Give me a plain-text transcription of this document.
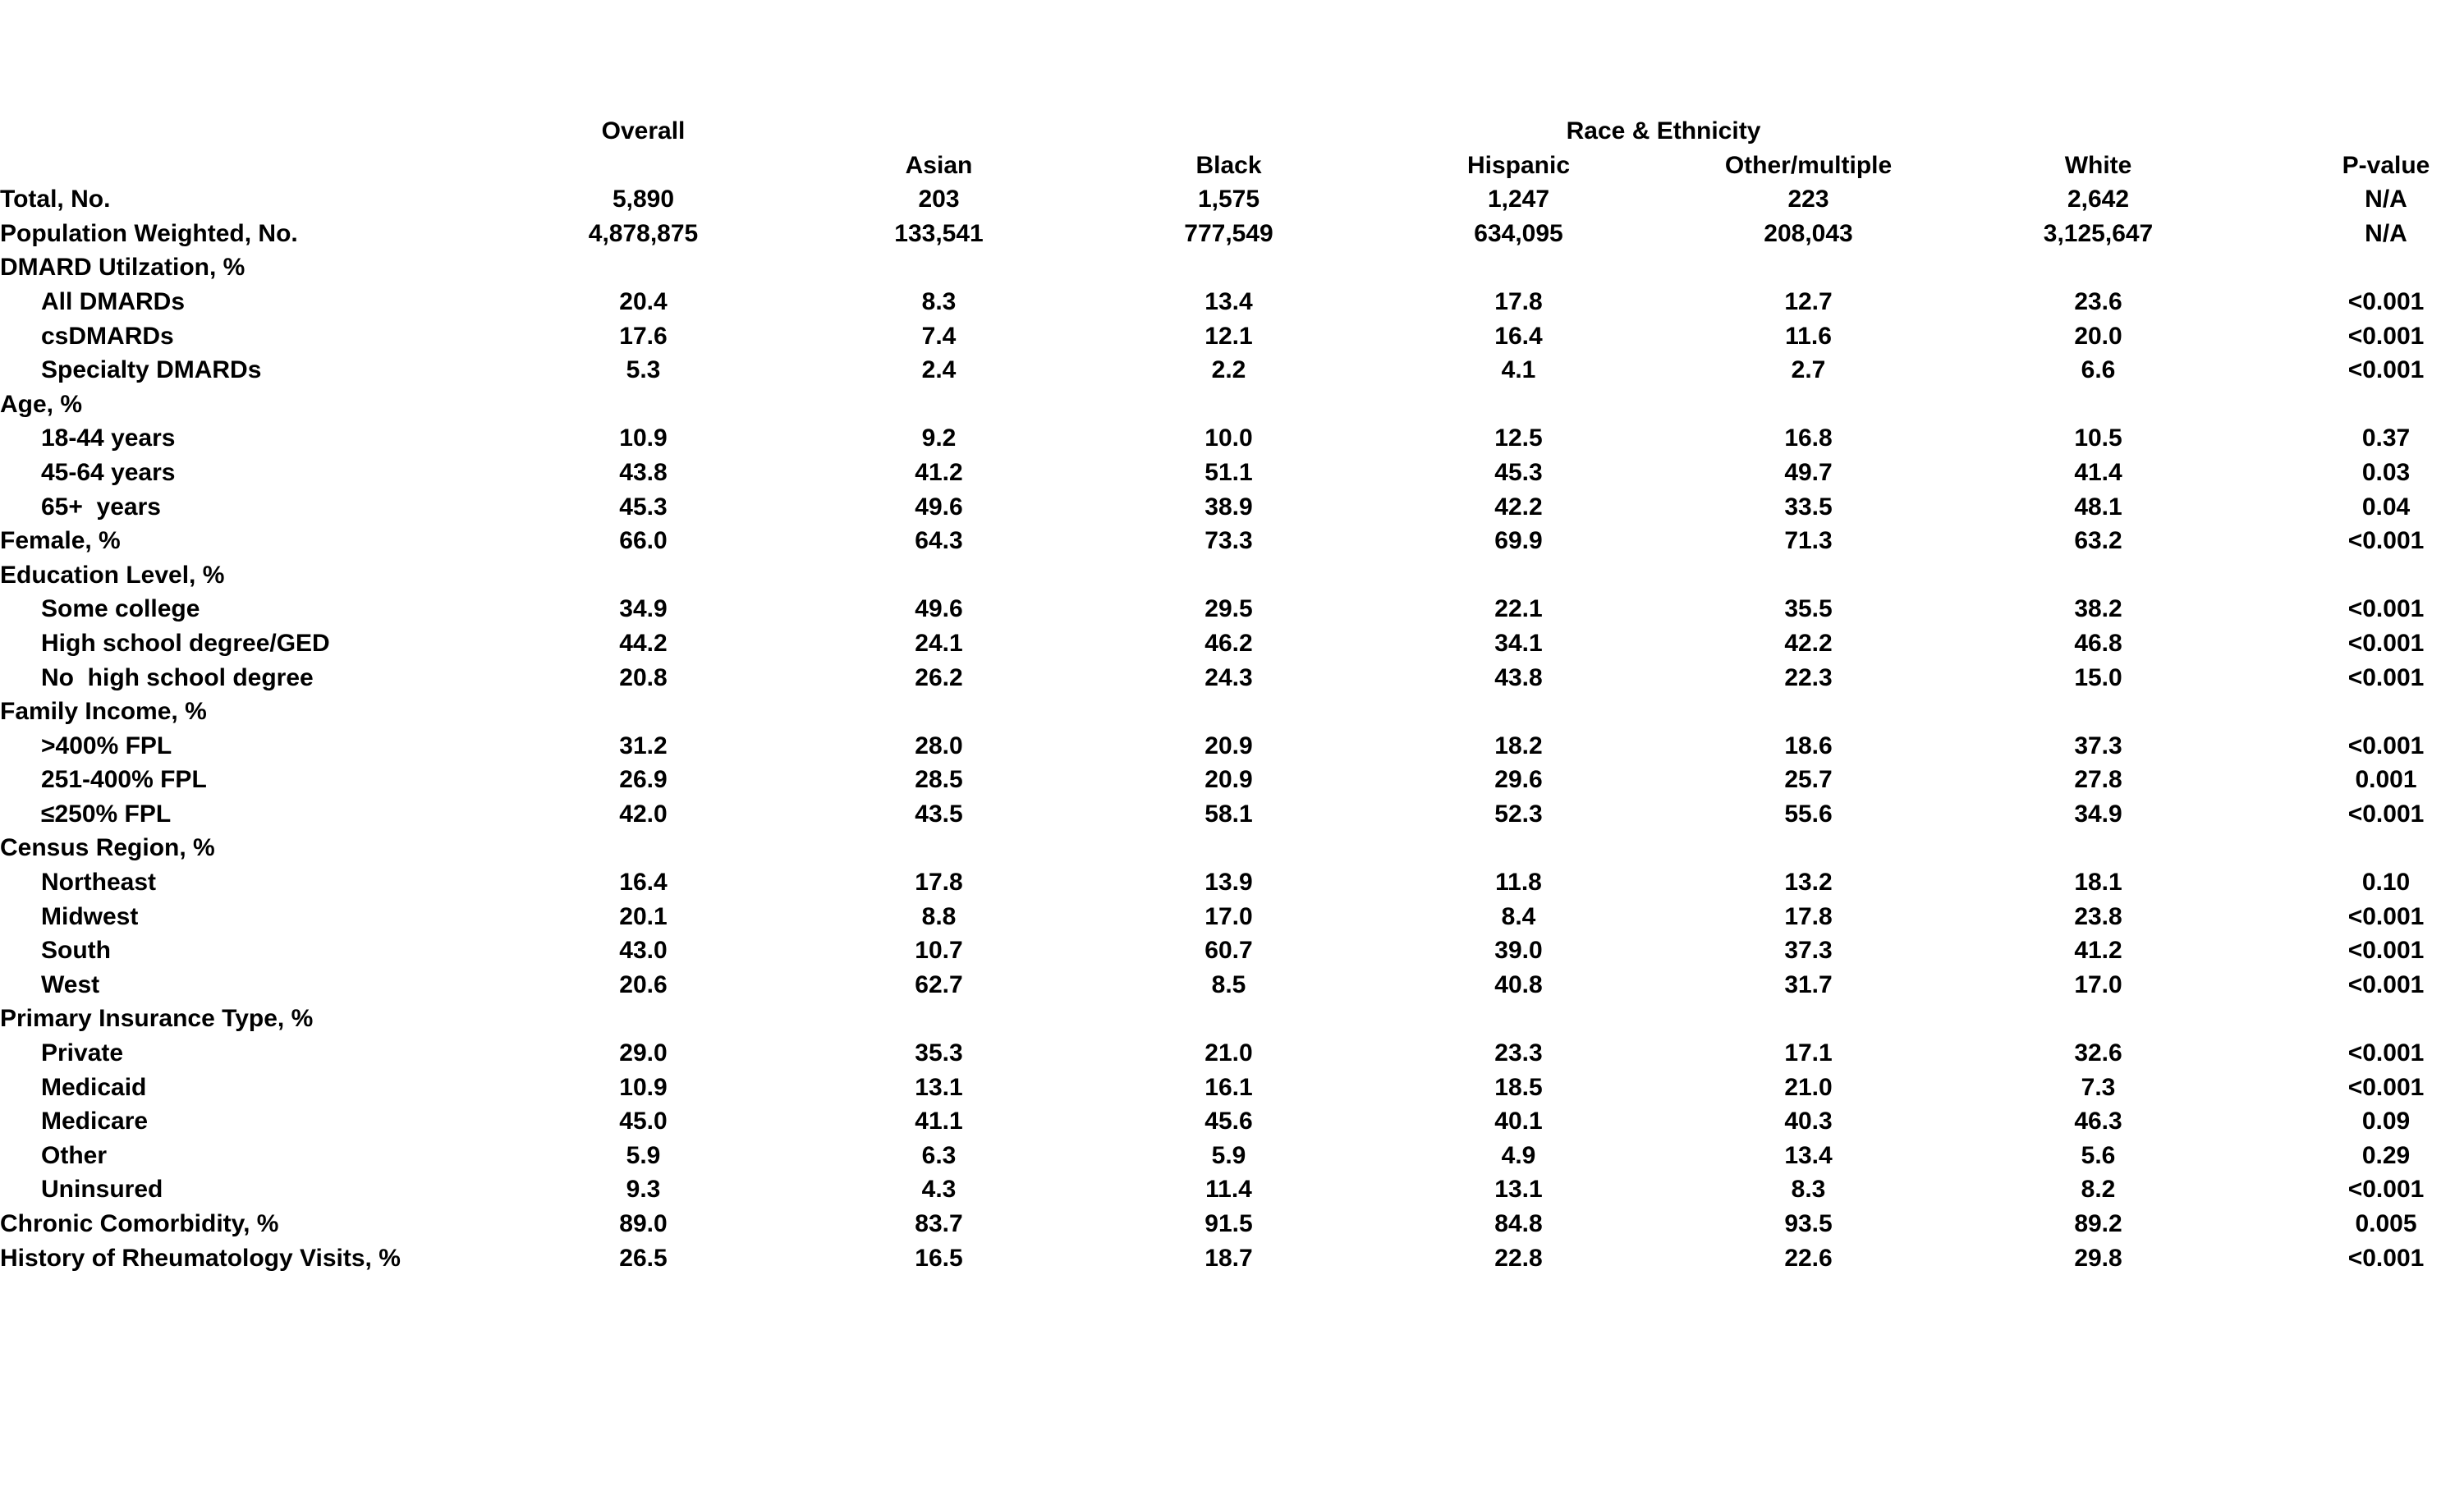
	Overall			Race & Ethnicity			
		Asian	Black	Hispanic	Other/multiple	White	P-value
Total, No.	5,890	203	1,575	1,247	223	2,642	N/A
Population Weighted, No.	4,878,875	133,541	777,549	634,095	208,043	3,125,647	N/A
DMARD Utilzation, %							
All DMARDs	20.4	8.3	13.4	17.8	12.7	23.6	<0.001
csDMARDs	17.6	7.4	12.1	16.4	11.6	20.0	<0.001
Specialty DMARDs	5.3	2.4	2.2	4.1	2.7	6.6	<0.001
Age, %							
18-44 years	10.9	9.2	10.0	12.5	16.8	10.5	0.37
45-64 years	43.8	41.2	51.1	45.3	49.7	41.4	0.03
65+  years	45.3	49.6	38.9	42.2	33.5	48.1	0.04
Female, %	66.0	64.3	73.3	69.9	71.3	63.2	<0.001
Education Level, %							
Some college	34.9	49.6	29.5	22.1	35.5	38.2	<0.001
High school degree/GED	44.2	24.1	46.2	34.1	42.2	46.8	<0.001
No  high school degree	20.8	26.2	24.3	43.8	22.3	15.0	<0.001
Family Income, %							
>400% FPL	31.2	28.0	20.9	18.2	18.6	37.3	<0.001
251-400% FPL	26.9	28.5	20.9	29.6	25.7	27.8	0.001
≤250% FPL	42.0	43.5	58.1	52.3	55.6	34.9	<0.001
Census Region, %							
Northeast	16.4	17.8	13.9	11.8	13.2	18.1	0.10
Midwest	20.1	8.8	17.0	8.4	17.8	23.8	<0.001
South	43.0	10.7	60.7	39.0	37.3	41.2	<0.001
West	20.6	62.7	8.5	40.8	31.7	17.0	<0.001
Primary Insurance Type, %							
Private	29.0	35.3	21.0	23.3	17.1	32.6	<0.001
Medicaid	10.9	13.1	16.1	18.5	21.0	7.3	<0.001
Medicare	45.0	41.1	45.6	40.1	40.3	46.3	0.09
Other	5.9	6.3	5.9	4.9	13.4	5.6	0.29
Uninsured	9.3	4.3	11.4	13.1	8.3	8.2	<0.001
Chronic Comorbidity, %	89.0	83.7	91.5	84.8	93.5	89.2	0.005
History of Rheumatology Visits, %	26.5	16.5	18.7	22.8	22.6	29.8	<0.001
